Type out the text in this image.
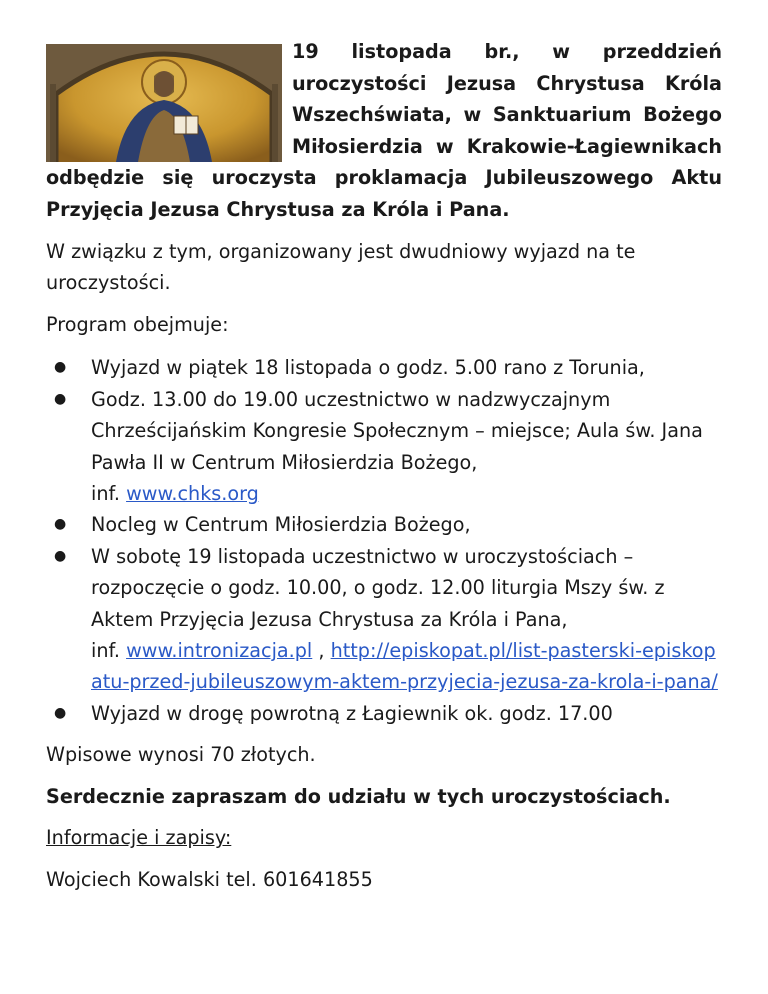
19 listopada br., w przeddzień
uroczystości Jezusa Chrystusa Króla
Wszechświata, w Sanktuarium Bożego
Miłosierdzia w Krakowie-Łagiewnikach
odbędzie się uroczysta proklamacja Jubileuszowego Aktu
Przyjęcia Jezusa Chrystusa za Króla i Pana.

W związku z tym, organizowany jest dwudniowy wyjazd na te uroczystości.

Program obejmuje:

● Wyjazd w piątek 18 listopada o godz. 5.00 rano z Torunia,
● Godz. 13.00 do 19.00 uczestnictwo w nadzwyczajnym Chrześcijańskim Kongresie Społecznym – miejsce; Aula św. Jana Pawła II w Centrum Miłosierdzia Bożego,
inf. www.chks.org
● Nocleg w Centrum Miłosierdzia Bożego,
● W sobotę 19 listopada uczestnictwo w uroczystościach – rozpoczęcie o godz. 10.00, o godz. 12.00 liturgia Mszy św. z Aktem Przyjęcia Jezusa Chrystusa za Króla i Pana,
inf. www.intronizacja.pl , http://episkopat.pl/list-pasterski-episkopatu-przed-jubileuszowym-aktem-przyjecia-jezusa-za-krola-i-pana/
● Wyjazd w drogę powrotną z Łagiewnik ok. godz. 17.00

Wpisowe wynosi 70 złotych.

Serdecznie zapraszam do udziału w tych uroczystościach.

Informacje i zapisy:

Wojciech Kowalski tel. 601641855
